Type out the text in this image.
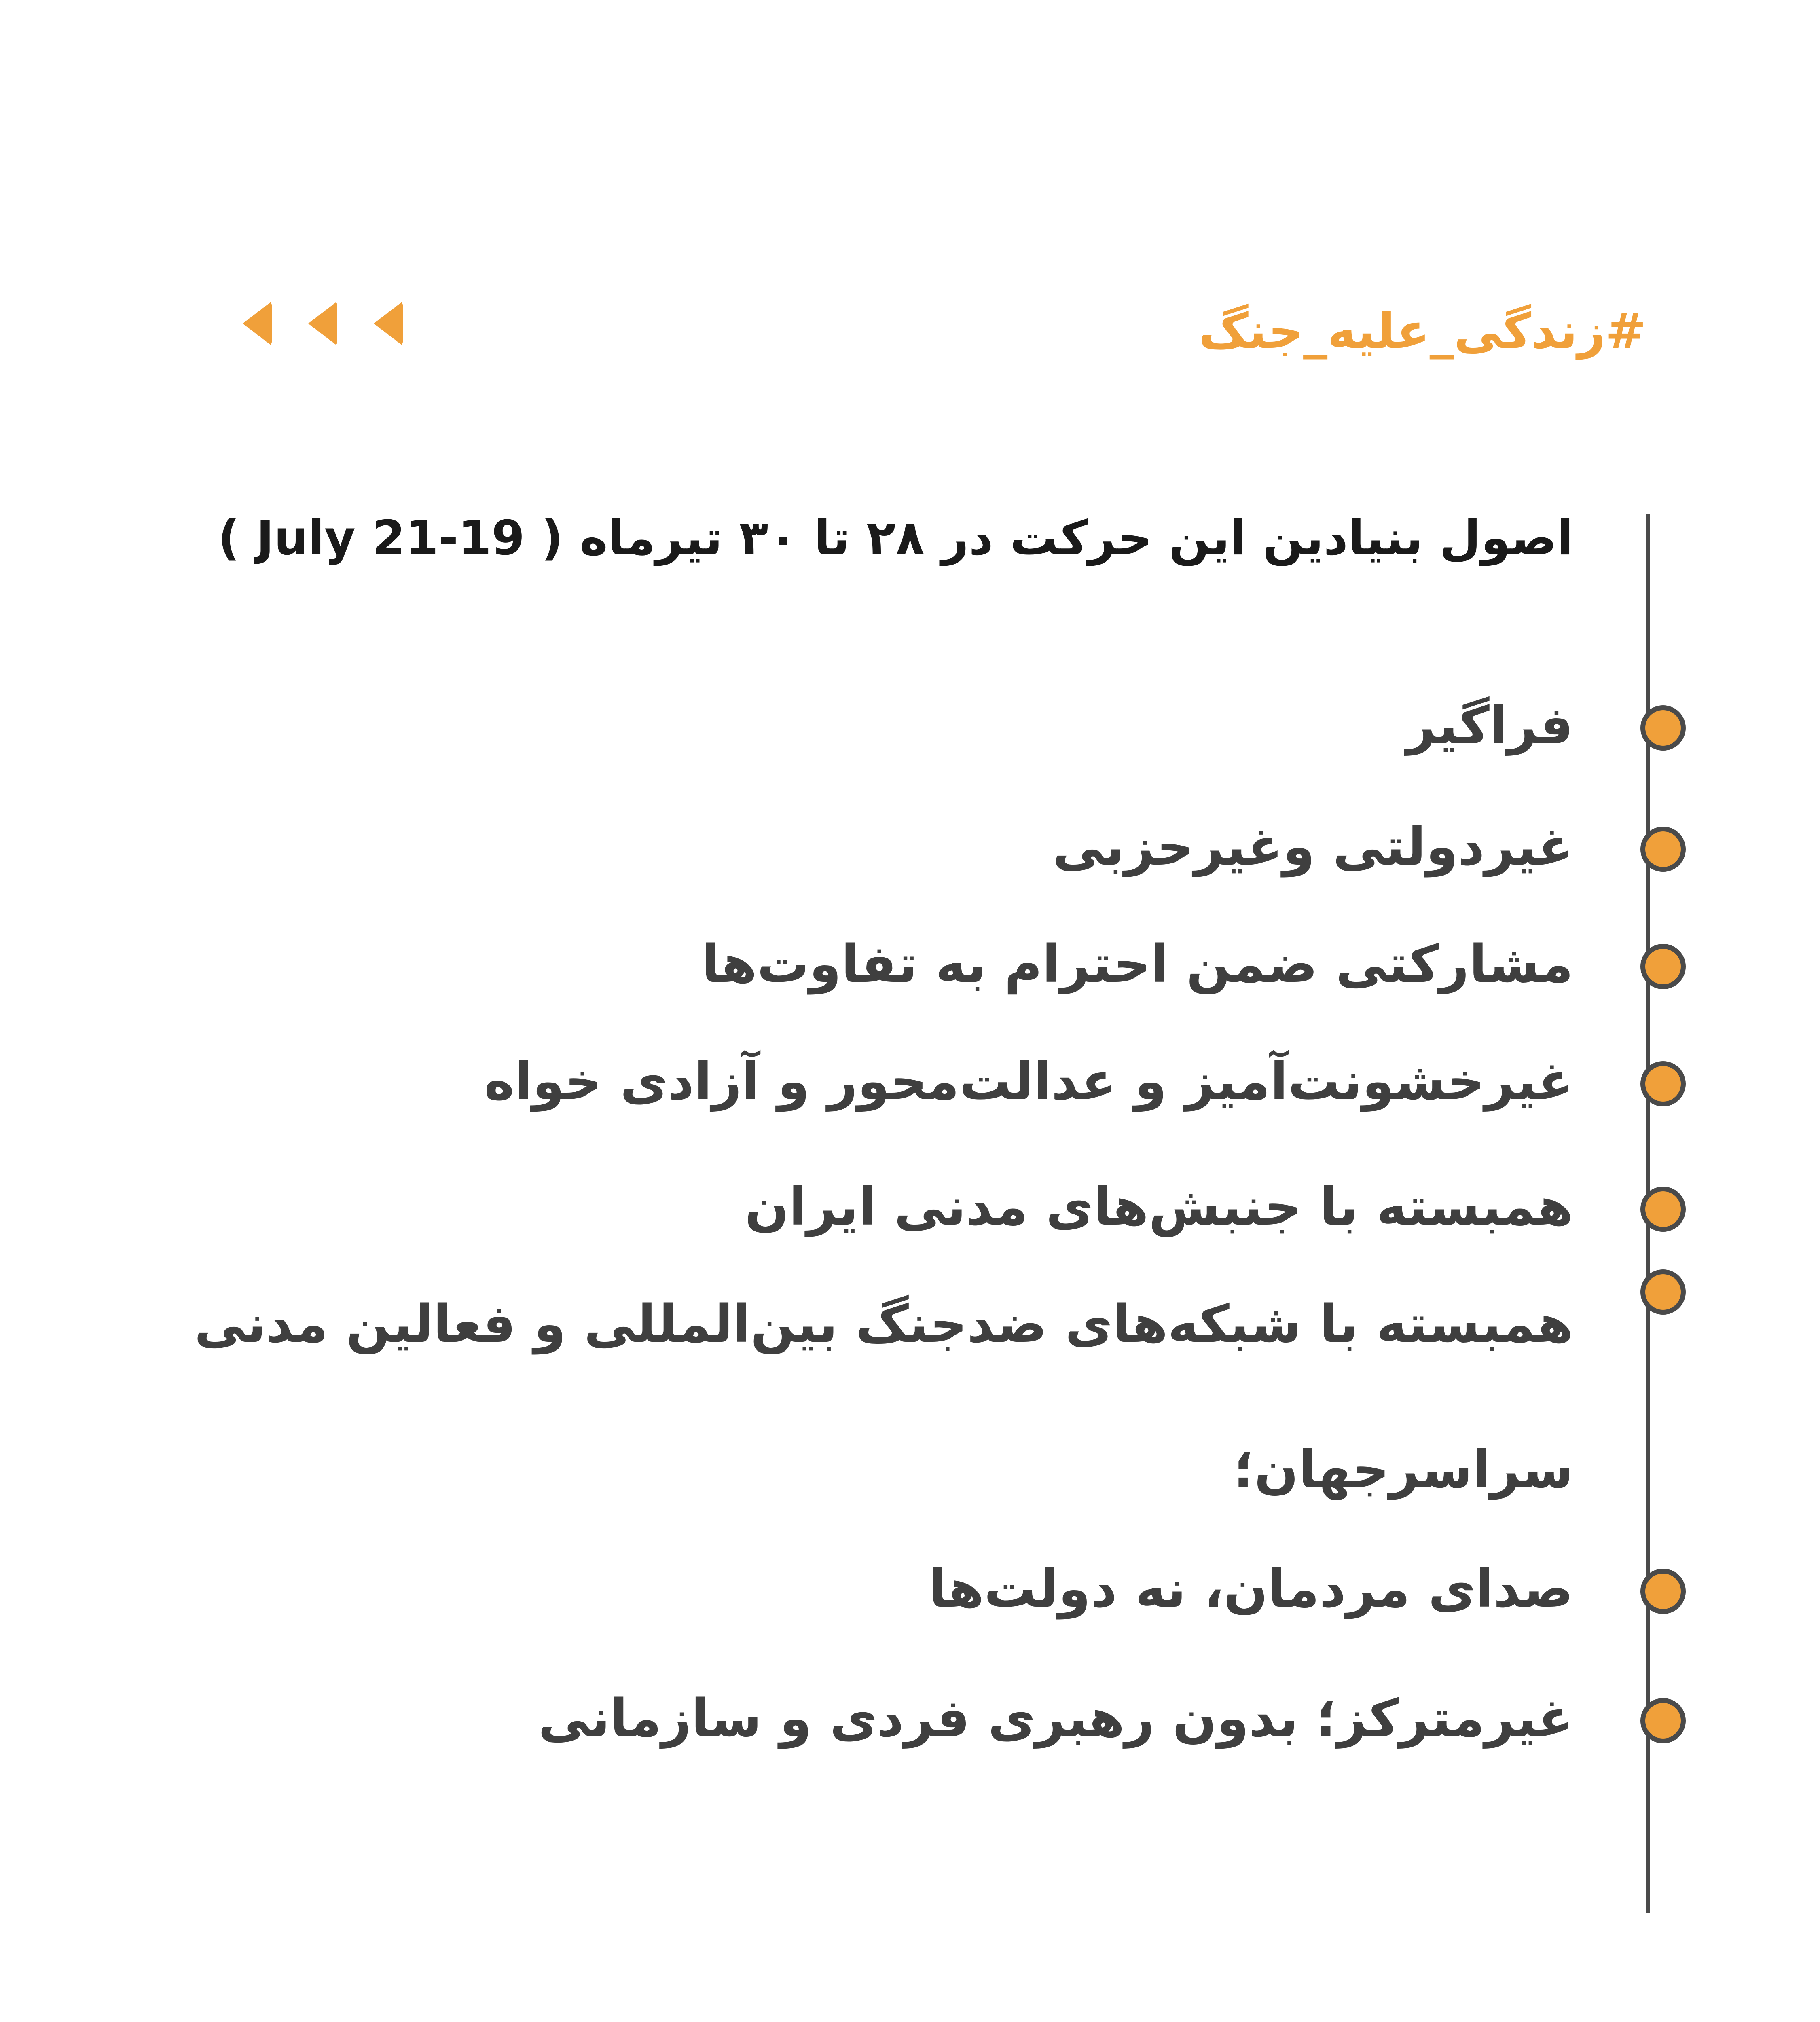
#زندگی_علیه_جنگ
اصول بنیادین این حرکت در ۲۸ تا ۳۰ تیرماه ( July 21-19 )
فراگیر
غیردولتی وغیرحزبی
مشارکتی ضمن احترام به تفاوت‌ها
غیرخشونت‌آمیز و عدالت‌محور و آزادی خواه
همبسته با جنبش‌های مدنی ایران
همبسته با شبکه‌های ضدجنگ بین‌المللی و فعالین مدنی سراسرجهان؛
صدای مردمان، نه دولت‌ها
غیرمترکز؛ بدون رهبری فردی و سازمانی
